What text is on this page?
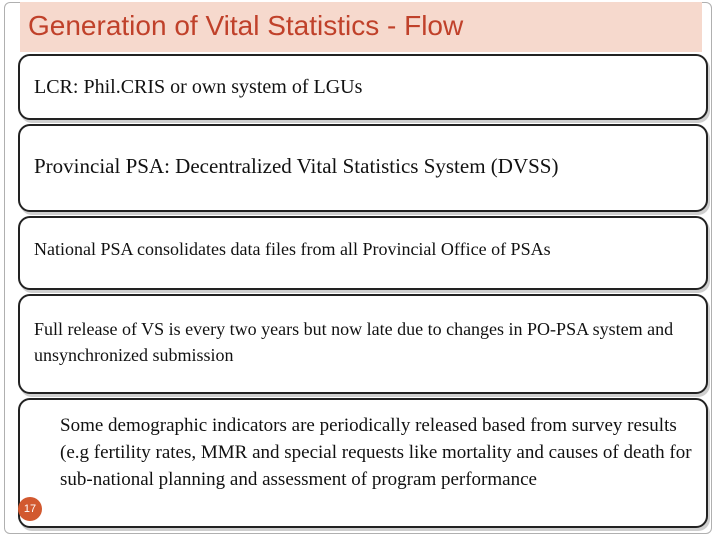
Generation of Vital Statistics - Flow
LCR: Phil.CRIS or own system of LGUs
Provincial PSA: Decentralized Vital Statistics System (DVSS)
National PSA consolidates data files from all Provincial Office of PSAs
Full release of VS is every two years but now late due to changes in PO-PSA system and unsynchronized submission
Some demographic indicators are periodically released based from survey results (e.g fertility rates, MMR and special requests like mortality and causes of death for sub-national planning and assessment of program performance
17
